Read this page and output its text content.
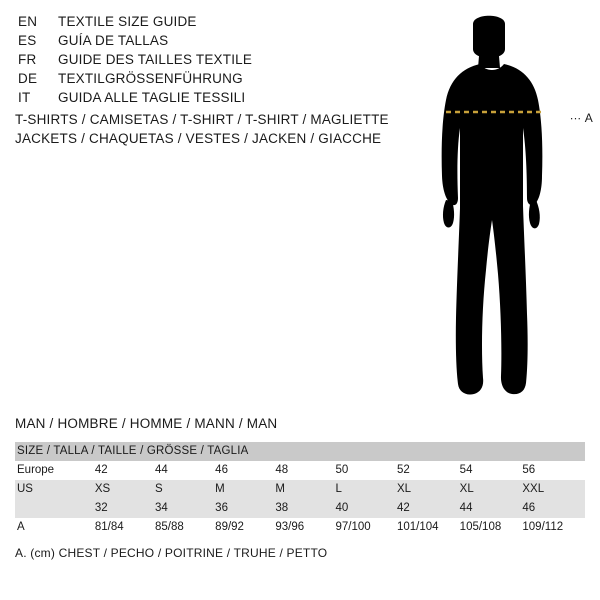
EN	TEXTILE SIZE GUIDE
ES	GUÍA DE TALLAS
FR	GUIDE DES TAILLES TEXTILE
DE	TEXTILGRÖSSENFÜHRUNG
IT	GUIDA ALLE TAGLIE TESSILI
T-SHIRTS / CAMISETAS / T-SHIRT / T-SHIRT / MAGLIETTE
JACKETS / CHAQUETAS / VESTES / JACKEN / GIACCHE
∙∙∙ A
MAN / HOMBRE / HOMME / MANN / MAN
SIZE / TALLA / TAILLE / GRÖSSE / TAGLIA								
Europe	42	44	46	48	50	52	54	56
US	XS	S	M	M	L	XL	XL	XXL
	32	34	36	38	40	42	44	46
A	81/84	85/88	89/92	93/96	97/100	101/104	105/108	109/112
A. (cm) CHEST / PECHO / POITRINE / TRUHE / PETTO
